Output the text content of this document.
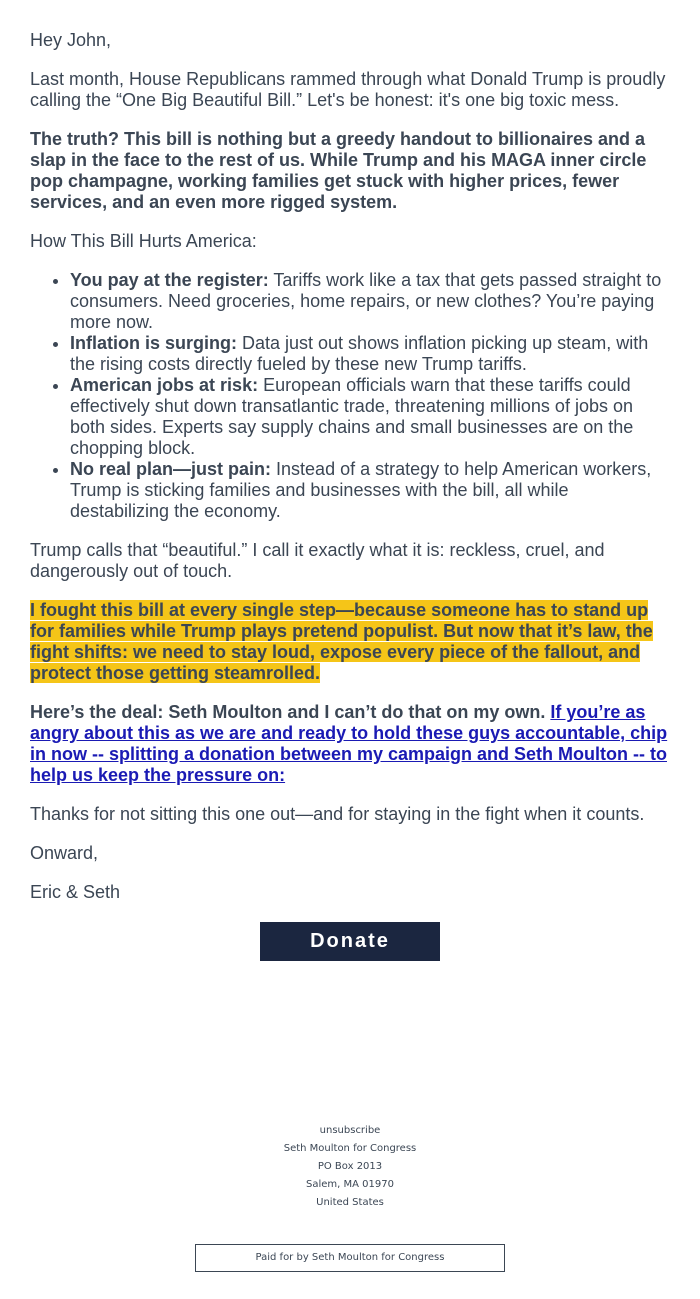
Hey John,

Last month, House Republicans rammed through what Donald Trump is proudly calling the “One Big Beautiful Bill.” Let's be honest: it's one big toxic mess.

The truth? This bill is nothing but a greedy handout to billionaires and a slap in the face to the rest of us. While Trump and his MAGA inner circle pop champagne, working families get stuck with higher prices, fewer services, and an even more rigged system.

How This Bill Hurts America:

• You pay at the register: Tariffs work like a tax that gets passed straight to consumers. Need groceries, home repairs, or new clothes? You’re paying more now.
• Inflation is surging: Data just out shows inflation picking up steam, with the rising costs directly fueled by these new Trump tariffs.
• American jobs at risk: European officials warn that these tariffs could effectively shut down transatlantic trade, threatening millions of jobs on both sides. Experts say supply chains and small businesses are on the chopping block.
• No real plan—just pain: Instead of a strategy to help American workers, Trump is sticking families and businesses with the bill, all while destabilizing the economy.

Trump calls that “beautiful.” I call it exactly what it is: reckless, cruel, and dangerously out of touch.

I fought this bill at every single step—because someone has to stand up for families while Trump plays pretend populist. But now that it’s law, the fight shifts: we need to stay loud, expose every piece of the fallout, and protect those getting steamrolled.

Here’s the deal: Seth Moulton and I can’t do that on my own. If you’re as angry about this as we are and ready to hold these guys accountable, chip in now -- splitting a donation between my campaign and Seth Moulton -- to help us keep the pressure on:

Thanks for not sitting this one out—and for staying in the fight when it counts.

Onward,

Eric & Seth

Donate
unsubscribe
Seth Moulton for Congress
PO Box 2013
Salem, MA 01970
United States
Paid for by Seth Moulton for Congress
